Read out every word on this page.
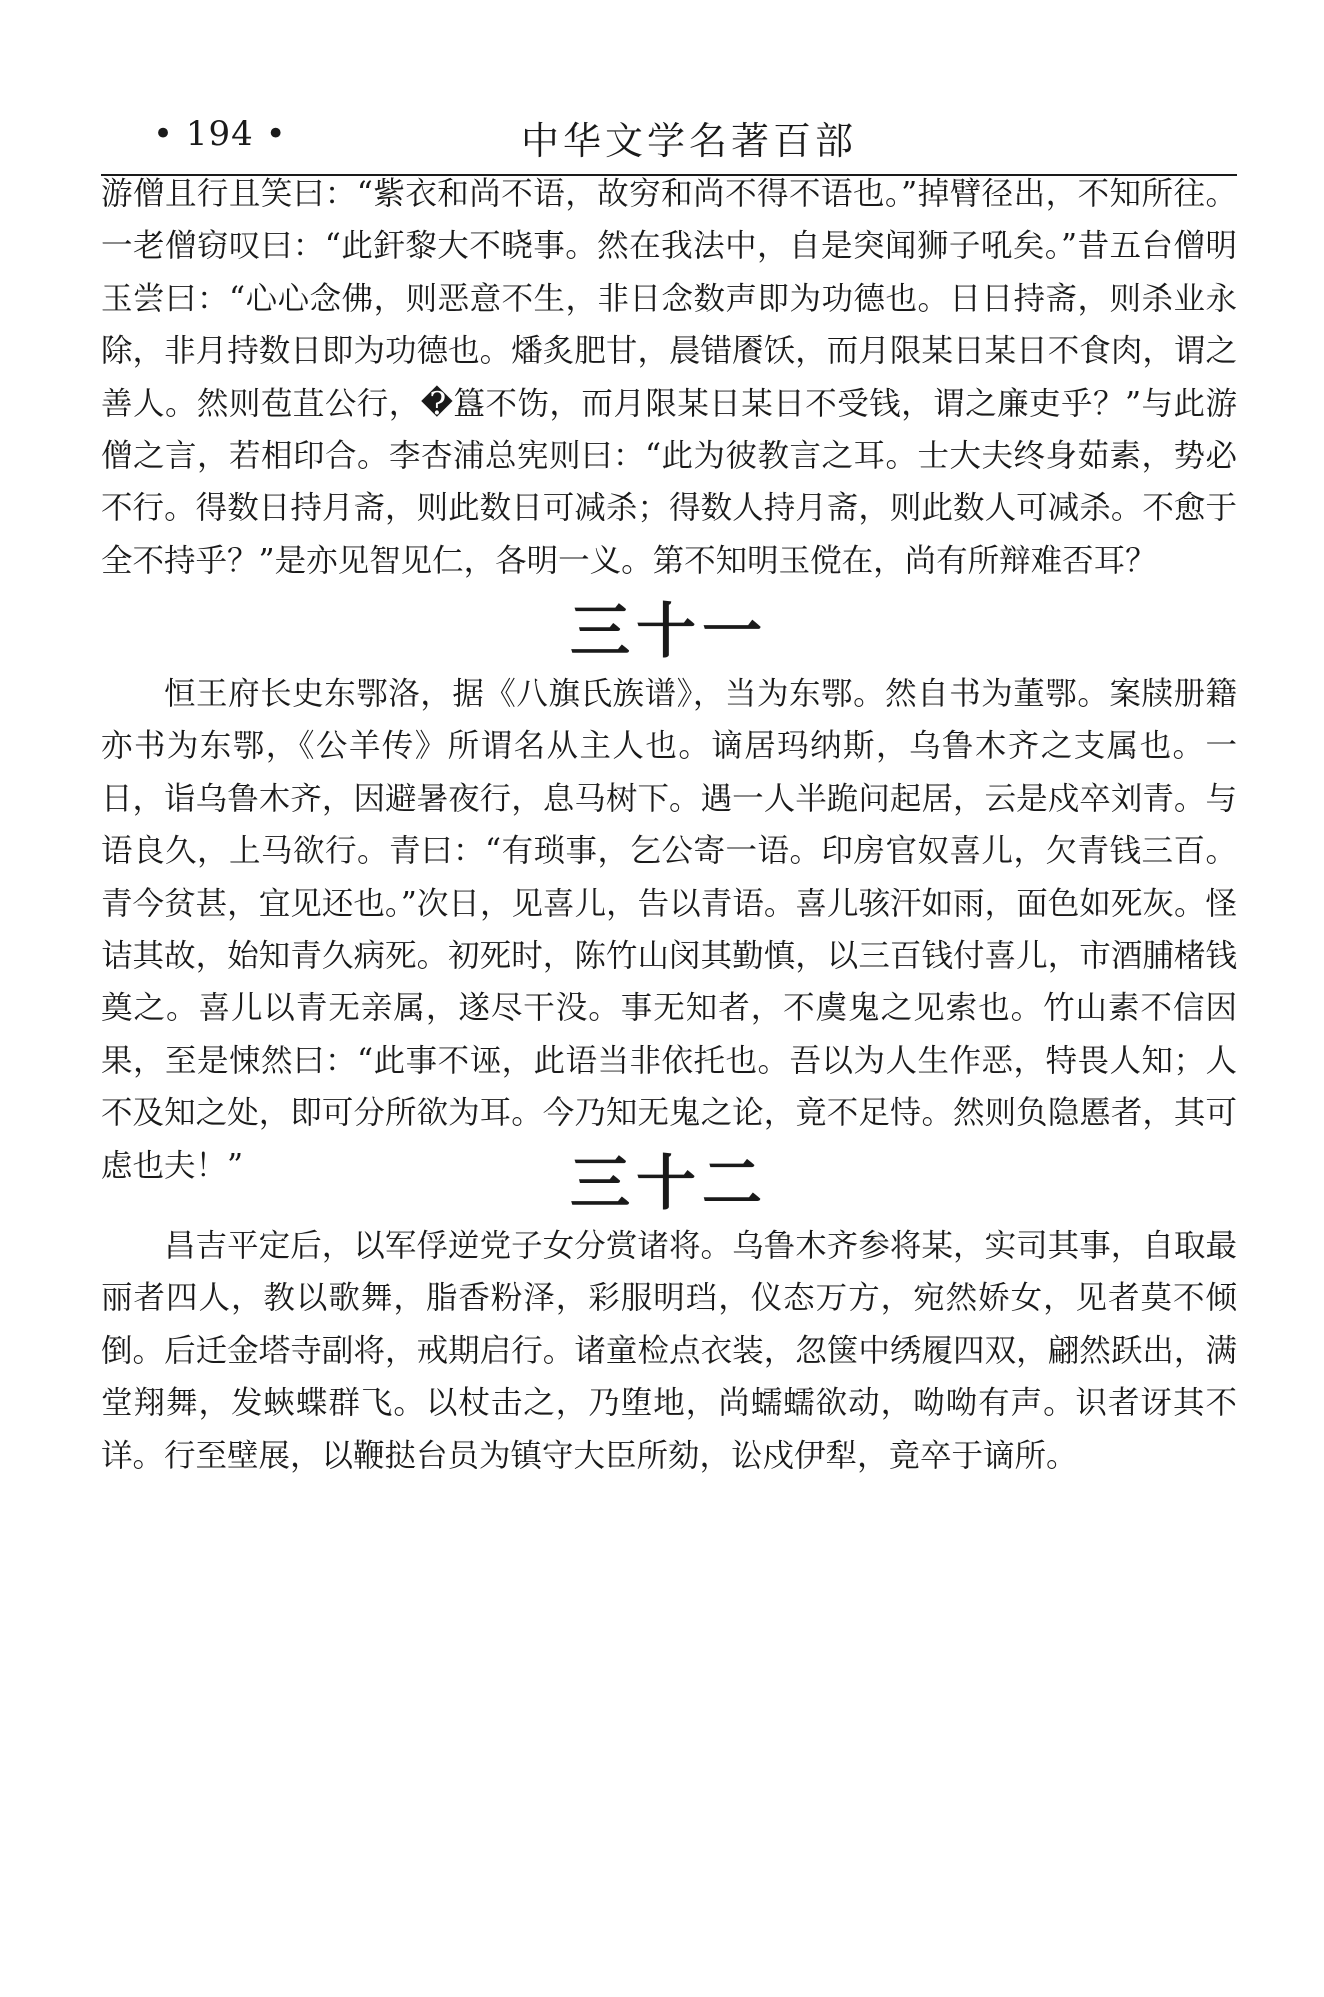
• 194 •	中华文学名著百部

游僧且行且笑曰：“紫衣和尚不语，故穷和尚不得不语也。”掉臂径出，不知所往。一老僧窃叹曰：“此釬黎大不晓事。然在我法中，自是突闻狮子吼矣。”昔五台僧明玉尝曰：“心心念佛，则恶意不生，非日念数声即为功德也。日日持斋，则杀业永除，非月持数日即为功德也。燔炙肥甘，晨错餍饫，而月限某日某日不食肉，谓之善人。然则苞苴公行，�簋不饬，而月限某日某日不受钱，谓之廉吏乎？”与此游僧之言，若相印合。李杏浦总宪则曰：“此为彼教言之耳。士大夫终身茹素，势必不行。得数日持月斋，则此数日可减杀；得数人持月斋，则此数人可减杀。不愈于全不持乎？”是亦见智见仁，各明一义。第不知明玉傥在，尚有所辩难否耳？

三十一

恒王府长史东鄂洛，据《八旗氏族谱》，当为东鄂。然自书为董鄂。案牍册籍亦书为东鄂，《公羊传》所谓名从主人也。谪居玛纳斯，乌鲁木齐之支属也。一日，诣乌鲁木齐，因避暑夜行，息马树下。遇一人半跪问起居，云是戍卒刘青。与语良久，上马欲行。青曰：“有琐事，乞公寄一语。印房官奴喜儿，欠青钱三百。青今贫甚，宜见还也。”次日，见喜儿，告以青语。喜儿骇汗如雨，面色如死灰。怪诘其故，始知青久病死。初死时，陈竹山闵其勤慎，以三百钱付喜儿，市酒脯楮钱奠之。喜儿以青无亲属，遂尽干没。事无知者，不虞鬼之见索也。竹山素不信因果，至是悚然曰：“此事不诬，此语当非依托也。吾以为人生作恶，特畏人知；人不及知之处，即可分所欲为耳。今乃知无鬼之论，竟不足恃。然则负隐慝者，其可虑也夫！”	三十二

昌吉平定后，以军俘逆党子女分赏诸将。乌鲁木齐参将某，实司其事，自取最丽者四人，教以歌舞，脂香粉泽，彩服明珰，仪态万方，宛然娇女，见者莫不倾倒。后迁金塔寺副将，戒期启行。诸童检点衣装，忽箧中绣履四双，翩然跃出，满堂翔舞，发蛺蝶群飞。以杖击之，乃堕地，尚蠕蠕欲动，呦呦有声。识者讶其不详。行至壁展，以鞭挞台员为镇守大臣所劾，讼戍伊犁，竟卒于谪所。
